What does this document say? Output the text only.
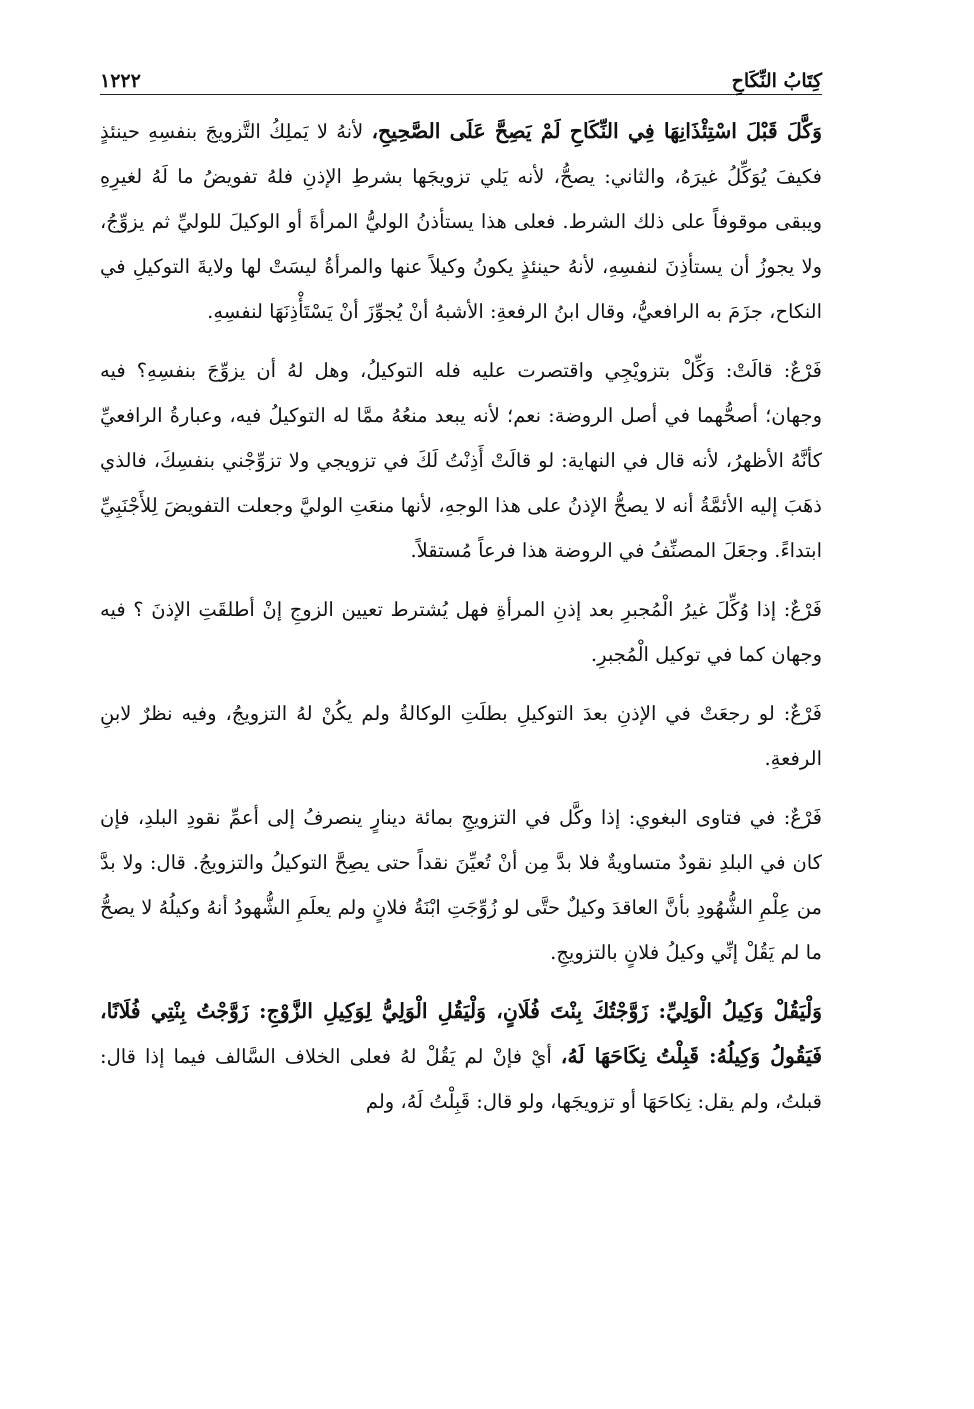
كِتَابُ النِّكَاحِ
١٢٢٢

وَكَّلَ قَبْلَ اسْتِئْذَانِهَا فِي النِّكَاحِ لَمْ يَصِحَّ عَلَى الصَّحِيحِ، لأنهُ لا يَملِكُ التَّزويجَ بنفسِهِ حينئذٍ فكيفَ يُوَكِّلُ غيرَهُ، والثاني: يصحُّ، لأنه يَلي تزويجَها بشرطِ الإذنِ فلهُ تفويضُ ما لَهُ لغيرِهِ ويبقى موقوفاً على ذلك الشرط. فعلى هذا يستأذنُ الوليُّ المرأةَ أو الوكيلَ للوليِّ ثم يزوِّجُ، ولا يجوزُ أن يستأذِنَ لنفسِهِ، لأنهُ حينئذٍ يكونُ وكيلاً عنها والمرأةُ ليسَتْ لها ولايةَ التوكيلِ في النكاح، جزَمَ به الرافعيُّ، وقال ابنُ الرفعةِ: الأشبهُ أنْ يُجوِّزَ أنْ يَسْتَأْذِنَهَا لنفسِهِ.

فَرْعٌ: قالَتْ: وَكِّلْ بتزويْجِي واقتصرت عليه فله التوكيلُ، وهل لهُ أن يزوِّجَ بنفسِهِ؟ فيه وجهان؛ أصحُّهما في أصل الروضة: نعم؛ لأنه يبعد منعُهُ ممَّا له التوكيلُ فيه، وعبارةُ الرافعيِّ كأنَّهُ الأظهرُ، لأنه قال في النهاية: لو قالَتْ أَذِنْتُ لَكَ في تزويجي ولا تزوِّجْني بنفسِكَ، فالذي ذهَبَ إليه الأئمَّةُ أنه لا يصحُّ الإذنُ على هذا الوجهِ، لأنها منعَتِ الوليَّ وجعلت التفويضَ لِلأَجْنَبِيِّ ابتداءً. وجعَلَ المصنِّفُ في الروضة هذا فرعاً مُستقلاً.

فَرْعٌ: إذا وُكِّلَ غيرُ الْمُجبرِ بعد إذنِ المرأةِ فهل يُشترط تعيين الزوجِ إنْ أطلقَتِ الإذنَ ؟ فيه وجهان كما في توكيل الْمُجبرِ.

فَرْعٌ: لو رجعَتْ في الإذنِ بعدَ التوكيلِ بطلَتِ الوكالةُ ولم يكُنْ لهُ التزويجُ، وفيه نظرٌ لابنِ الرفعةِ.

فَرْعٌ: في فتاوى البغوي: إذا وكَّل في التزويجِ بمائة دينارٍ ينصرفُ إلى أعمِّ نقودِ البلدِ، فإن كان في البلدِ نقودٌ متساويةٌ فلا بدَّ مِن أنْ تُعيِّنَ نقداً حتى يصِحَّ التوكيلُ والتزويجُ. قال: ولا بدَّ من عِلْمِ الشُّهُودِ بأنَّ العاقدَ وكيلٌ حتَّى لو زُوِّجَتِ ابْنَةُ فلانٍ ولم يعلَمِ الشُّهودُ أنهُ وكيلُهُ لا يصحُّ ما لم يَقُلْ إنِّي وكيلُ فلانٍ بالتزويجِ.

وَلْيَقُلْ وَكِيلُ الْوَلِيِّ: زَوَّجْتُكَ بِنْتَ فُلَانٍ، وَلْيَقُلِ الْوَلِيُّ لِوَكِيلِ الزَّوْجِ: زَوَّجْتُ بِنْتِي فُلَانًا، فَيَقُولُ وَكِيلُهُ: قَبِلْتُ نِكَاحَهَا لَهُ، أيْ فإنْ لم يَقُلْ لهُ فعلى الخلاف السَّالف فيما إذا قال: قبلتُ، ولم يقل: نِكاحَهَا أو تزويجَها، ولو قال: قَبِلْتُ لَهُ، ولم
